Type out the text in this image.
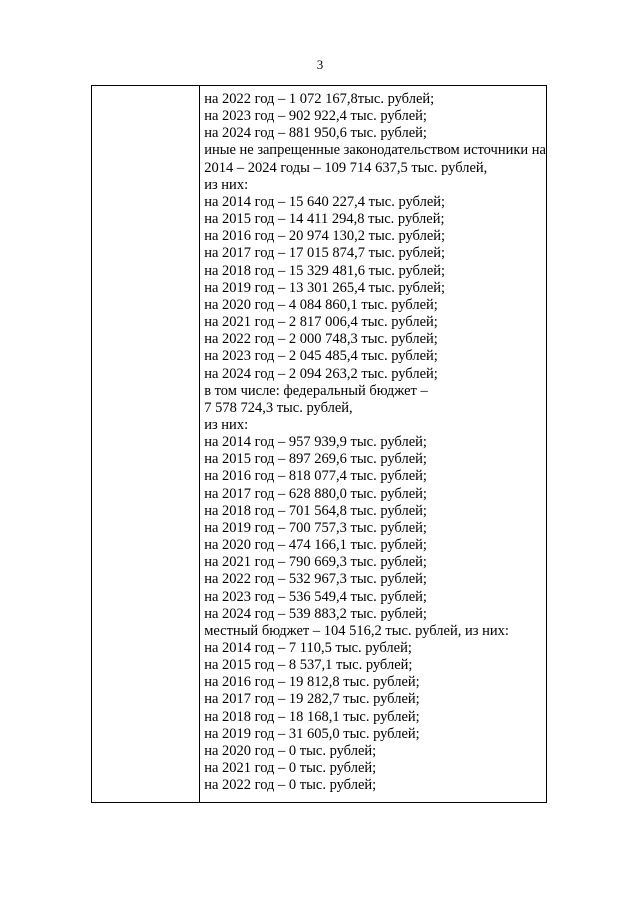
3
на 2022 год – 1 072 167,8тыс. рублей;
на 2023 год – 902 922,4 тыс. рублей;
на 2024 год – 881 950,6 тыс. рублей;
иные не запрещенные законодательством источники на
2014 – 2024 годы – 109 714 637,5 тыс. рублей,
из них:
на 2014 год – 15 640 227,4 тыс. рублей;
на 2015 год – 14 411 294,8 тыс. рублей;
на 2016 год – 20 974 130,2 тыс. рублей;
на 2017 год – 17 015 874,7 тыс. рублей;
на 2018 год – 15 329 481,6 тыс. рублей;
на 2019 год – 13 301 265,4 тыс. рублей;
на 2020 год – 4 084 860,1 тыс. рублей;
на 2021 год – 2 817 006,4 тыс. рублей;
на 2022 год – 2 000 748,3 тыс. рублей;
на 2023 год – 2 045 485,4 тыс. рублей;
на 2024 год – 2 094 263,2 тыс. рублей;
в том числе: федеральный бюджет –
7 578 724,3 тыс. рублей,
из них:
на 2014 год – 957 939,9 тыс. рублей;
на 2015 год – 897 269,6 тыс. рублей;
на 2016 год – 818 077,4 тыс. рублей;
на 2017 год – 628 880,0 тыс. рублей;
на 2018 год – 701 564,8 тыс. рублей;
на 2019 год – 700 757,3 тыс. рублей;
на 2020 год – 474 166,1 тыс. рублей;
на 2021 год – 790 669,3 тыс. рублей;
на 2022 год – 532 967,3 тыс. рублей;
на 2023 год – 536 549,4 тыс. рублей;
на 2024 год – 539 883,2 тыс. рублей;
местный бюджет – 104 516,2 тыс. рублей, из них:
на 2014 год – 7 110,5 тыс. рублей;
на 2015 год – 8 537,1 тыс. рублей;
на 2016 год – 19 812,8 тыс. рублей;
на 2017 год – 19 282,7 тыс. рублей;
на 2018 год – 18 168,1 тыс. рублей;
на 2019 год – 31 605,0 тыс. рублей;
на 2020 год – 0 тыс. рублей;
на 2021 год – 0 тыс. рублей;
на 2022 год – 0 тыс. рублей;
